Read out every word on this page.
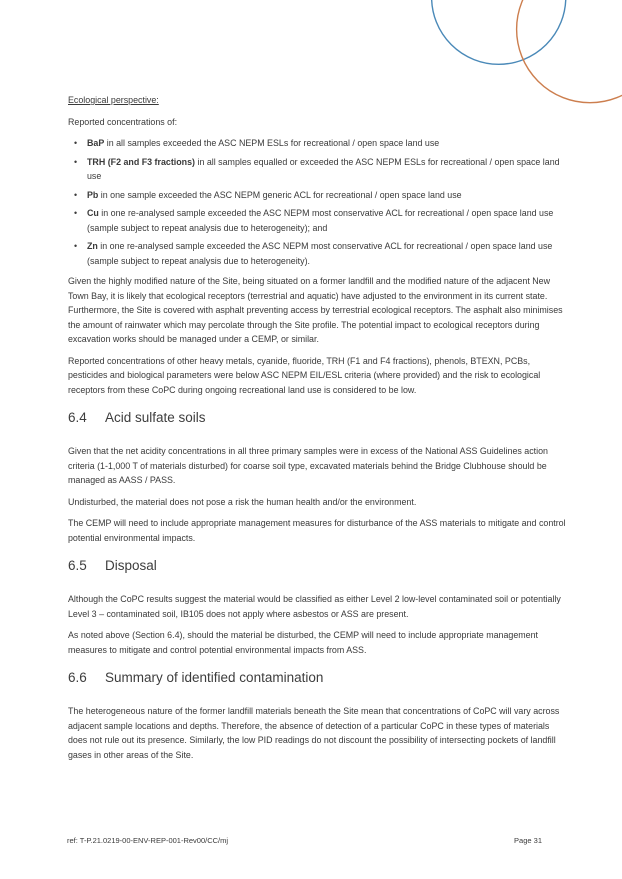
Ecological perspective:

Reported concentrations of:

• BaP in all samples exceeded the ASC NEPM ESLs for recreational / open space land use
• TRH (F2 and F3 fractions) in all samples equalled or exceeded the ASC NEPM ESLs for recreational / open space land use
• Pb in one sample exceeded the ASC NEPM generic ACL for recreational / open space land use
• Cu in one re-analysed sample exceeded the ASC NEPM most conservative ACL for recreational / open space land use (sample subject to repeat analysis due to heterogeneity); and
• Zn in one re-analysed sample exceeded the ASC NEPM most conservative ACL for recreational / open space land use (sample subject to repeat analysis due to heterogeneity).

Given the highly modified nature of the Site, being situated on a former landfill and the modified nature of the adjacent New Town Bay, it is likely that ecological receptors (terrestrial and aquatic) have adjusted to the environment in its current state. Furthermore, the Site is covered with asphalt preventing access by terrestrial ecological receptors. The asphalt also minimises the amount of rainwater which may percolate through the Site profile. The potential impact to ecological receptors during excavation works should be managed under a CEMP, or similar.

Reported concentrations of other heavy metals, cyanide, fluoride, TRH (F1 and F4 fractions), phenols, BTEXN, PCBs, pesticides and biological parameters were below ASC NEPM EIL/ESL criteria (where provided) and the risk to ecological receptors from these CoPC during ongoing recreational land use is considered to be low.

6.4	Acid sulfate soils

Given that the net acidity concentrations in all three primary samples were in excess of the National ASS Guidelines action criteria (1-1,000 T of materials disturbed) for coarse soil type, excavated materials behind the Bridge Clubhouse should be managed as AASS / PASS.

Undisturbed, the material does not pose a risk the human health and/or the environment.

The CEMP will need to include appropriate management measures for disturbance of the ASS materials to mitigate and control potential environmental impacts.

6.5	Disposal

Although the CoPC results suggest the material would be classified as either Level 2 low-level contaminated soil or potentially Level 3 – contaminated soil, IB105 does not apply where asbestos or ASS are present.

As noted above (Section 6.4), should the material be disturbed, the CEMP will need to include appropriate management measures to mitigate and control potential environmental impacts from ASS.

6.6	Summary of identified contamination

The heterogeneous nature of the former landfill materials beneath the Site mean that concentrations of CoPC will vary across adjacent sample locations and depths. Therefore, the absence of detection of a particular CoPC in these types of materials does not rule out its presence. Similarly, the low PID readings do not discount the possibility of intersecting pockets of landfill gases in other areas of the Site.

ref: T-P.21.0219-00-ENV-REP-001-Rev00/CC/mj	Page 31
